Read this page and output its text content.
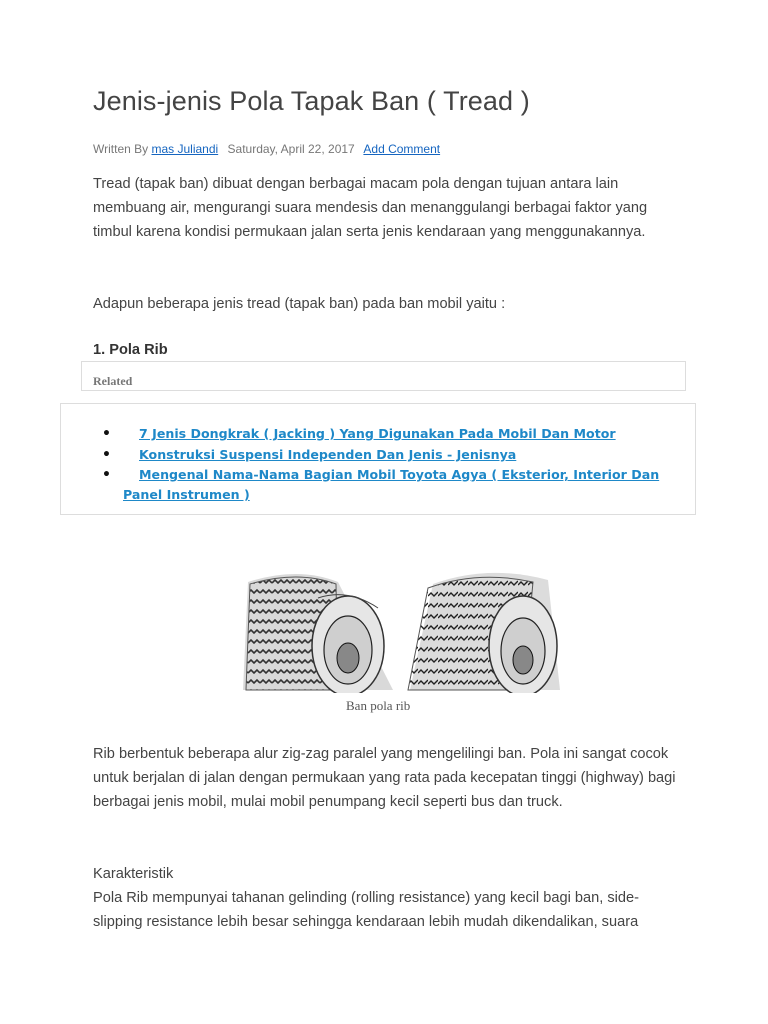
Jenis-jenis Pola Tapak Ban ( Tread )
Written By mas Juliandi Saturday, April 22, 2017 Add Comment

Tread (tapak ban) dibuat dengan berbagai macam pola dengan tujuan antara lain membuang air, mengurangi suara mendesis dan menanggulangi berbagai faktor yang timbul karena kondisi permukaan jalan serta jenis kendaraan yang menggunakannya.

Adapun beberapa jenis tread (tapak ban) pada ban mobil yaitu :

1. Pola Rib
Related
•	7 Jenis Dongkrak ( Jacking ) Yang Digunakan Pada Mobil Dan Motor
•	Konstruksi Suspensi Independen Dan Jenis - Jenisnya
•	Mengenal Nama-Nama Bagian Mobil Toyota Agya ( Eksterior, Interior Dan Panel Instrumen )
Ban pola rib

Rib berbentuk beberapa alur zig-zag paralel yang mengelilingi ban. Pola ini sangat cocok untuk berjalan di jalan dengan permukaan yang rata pada kecepatan tinggi (highway) bagi berbagai jenis mobil, mulai mobil penumpang kecil seperti bus dan truck.

Karakteristik

Pola Rib mempunyai tahanan gelinding (rolling resistance) yang kecil bagi ban, side-slipping resistance lebih besar sehingga kendaraan lebih mudah dikendalikan, suara
